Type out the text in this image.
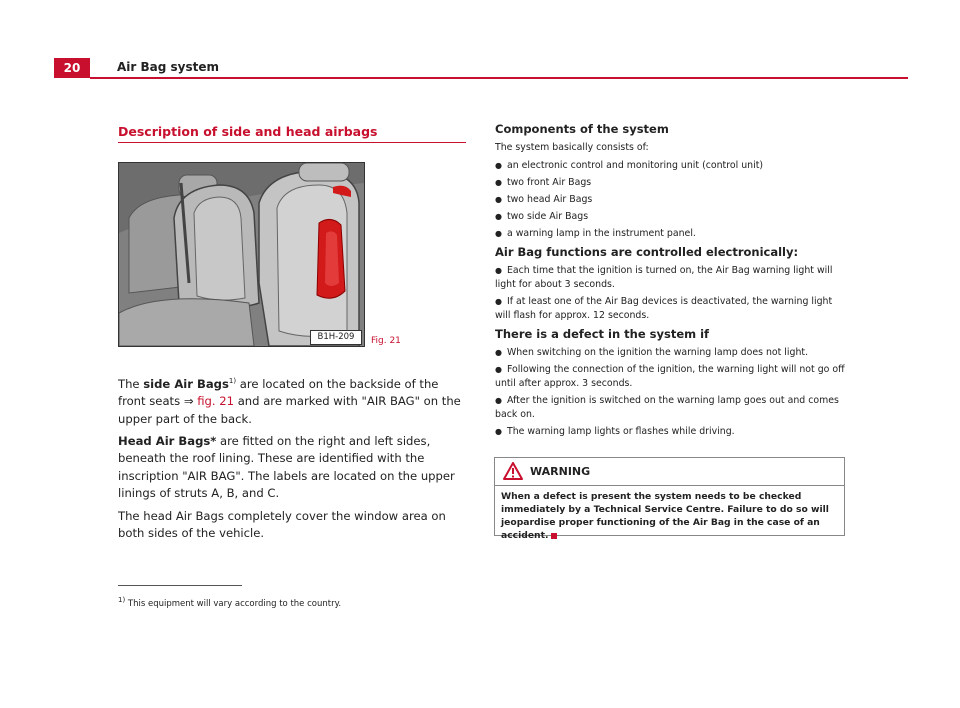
20	Air Bag system
Description of side and head airbags
B1H-209	Fig. 21

The side Air Bags$^{1)}$ are located on the backside of the front seats ⇒ fig. 21 and are marked with "AIR BAG" on the upper part of the back.

Head Air Bags* are fitted on the right and left sides, beneath the roof lining. These are identified with the inscription "AIR BAG". The labels are located on the upper linings of struts A, B, and C.

The head Air Bags completely cover the window area on both sides of the vehicle.

$^{1)}$ This equipment will vary according to the country.
Components of the system
The system basically consists of:
● an electronic control and monitoring unit (control unit)
● two front Air Bags
● two head Air Bags
● two side Air Bags
● a warning lamp in the instrument panel.
Air Bag functions are controlled electronically:
● Each time that the ignition is turned on, the Air Bag warning light will light for about 3 seconds.
● If at least one of the Air Bag devices is deactivated, the warning light will flash for approx. 12 seconds.
There is a defect in the system if
● When switching on the ignition the warning lamp does not light.
● Following the connection of the ignition, the warning light will not go off until after approx. 3 seconds.
● After the ignition is switched on the warning lamp goes out and comes back on.
● The warning lamp lights or flashes while driving.
WARNING
When a defect is present the system needs to be checked immediately by a Technical Service Centre. Failure to do so will jeopardise proper functioning of the Air Bag in the case of an accident.
